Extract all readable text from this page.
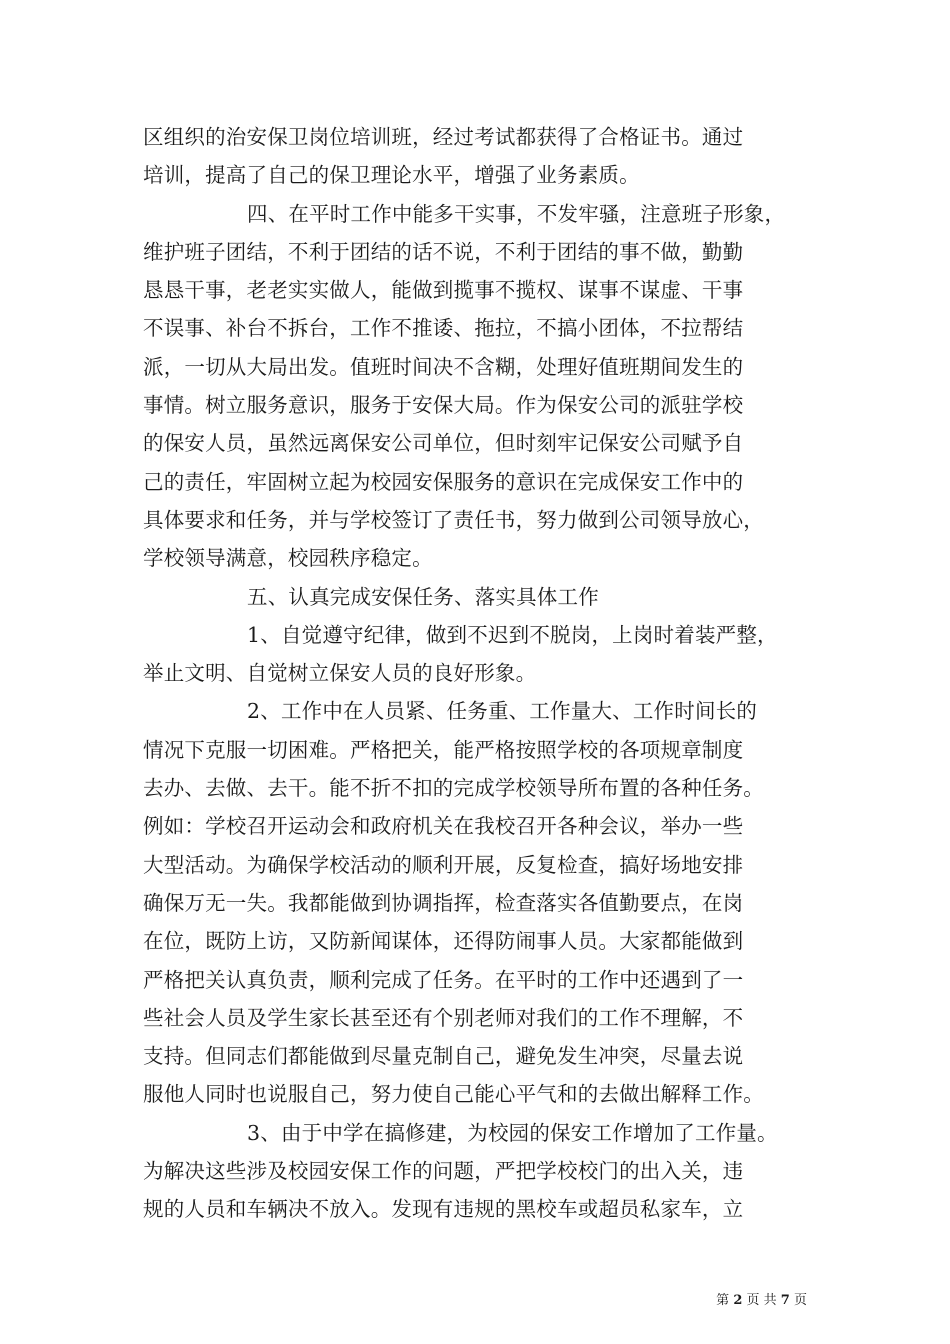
区组织的治安保卫岗位培训班，经过考试都获得了合格证书。通过
培训，提高了自己的保卫理论水平，增强了业务素质。
四、在平时工作中能多干实事，不发牢骚，注意班子形象，
维护班子团结，不利于团结的话不说，不利于团结的事不做，勤勤
恳恳干事，老老实实做人，能做到揽事不揽权、谋事不谋虚、干事
不误事、补台不拆台，工作不推诿、拖拉，不搞小团体，不拉帮结
派，一切从大局出发。值班时间决不含糊，处理好值班期间发生的
事情。树立服务意识，服务于安保大局。作为保安公司的派驻学校
的保安人员，虽然远离保安公司单位，但时刻牢记保安公司赋予自
己的责任，牢固树立起为校园安保服务的意识在完成保安工作中的
具体要求和任务，并与学校签订了责任书，努力做到公司领导放心，
学校领导满意，校园秩序稳定。
五、认真完成安保任务、落实具体工作
1、自觉遵守纪律，做到不迟到不脱岗，上岗时着装严整，
举止文明、自觉树立保安人员的良好形象。
2、工作中在人员紧、任务重、工作量大、工作时间长的
情况下克服一切困难。严格把关，能严格按照学校的各项规章制度
去办、去做、去干。能不折不扣的完成学校领导所布置的各种任务。
例如：学校召开运动会和政府机关在我校召开各种会议，举办一些
大型活动。为确保学校活动的顺利开展，反复检查，搞好场地安排
确保万无一失。我都能做到协调指挥，检查落实各值勤要点，在岗
在位，既防上访，又防新闻谋体，还得防闹事人员。大家都能做到
严格把关认真负责，顺利完成了任务。在平时的工作中还遇到了一
些社会人员及学生家长甚至还有个别老师对我们的工作不理解，不
支持。但同志们都能做到尽量克制自己，避免发生冲突，尽量去说
服他人同时也说服自己，努力使自己能心平气和的去做出解释工作。
3、由于中学在搞修建，为校园的保安工作增加了工作量。
为解决这些涉及校园安保工作的问题，严把学校校门的出入关，违
规的人员和车辆决不放入。发现有违规的黑校车或超员私家车，立
第 2 页 共 7 页
